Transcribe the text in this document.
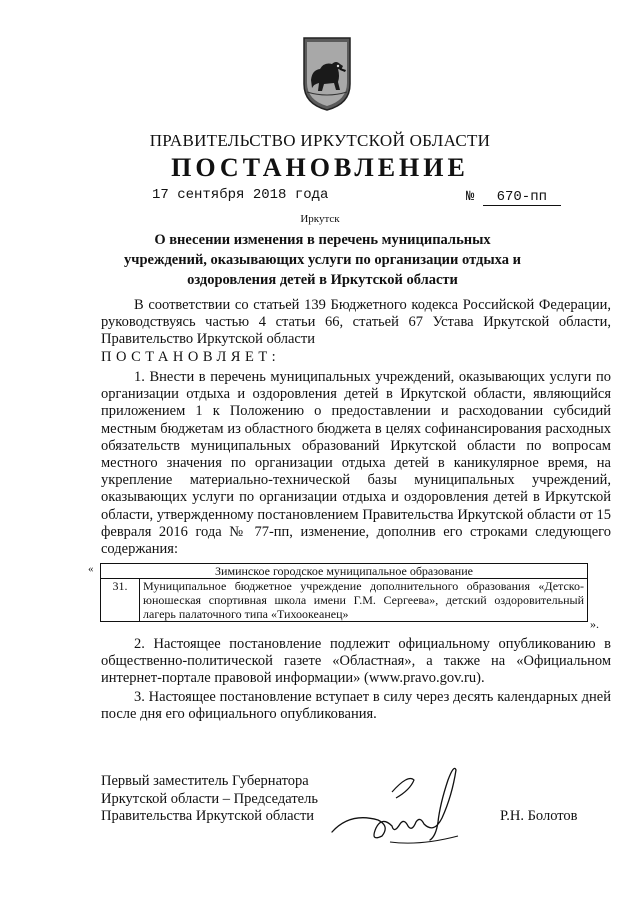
ПРАВИТЕЛЬСТВО ИРКУТСКОЙ ОБЛАСТИ
ПОСТАНОВЛЕНИЕ
17 сентября 2018 года	№ 670-пп
Иркутск
О внесении изменения в перечень муниципальных учреждений, оказывающих услуги по организации отдыха и оздоровления детей в Иркутской области
В соответствии со статьей 139 Бюджетного кодекса Российской Федерации, руководствуясь частью 4 статьи 66, статьей 67 Устава Иркутской области, Правительство Иркутской области
ПОСТАНОВЛЯЕТ:
1. Внести в перечень муниципальных учреждений, оказывающих услуги по организации отдыха и оздоровления детей в Иркутской области, являющийся приложением 1 к Положению о предоставлении и расходовании субсидий местным бюджетам из областного бюджета в целях софинансирования расходных обязательств муниципальных образований Иркутской области по вопросам местного значения по организации отдыха детей в каникулярное время, на укрепление материально-технической базы муниципальных учреждений, оказывающих услуги по организации отдыха и оздоровления детей в Иркутской области, утвержденному постановлением Правительства Иркутской области от 15 февраля 2016 года № 77-пп, изменение, дополнив его строками следующего содержания:
«	Зиминское городское муниципальное образование
31.	Муниципальное бюджетное учреждение дополнительного образования «Детско-юношеская спортивная школа имени Г.М. Сергеева», детский оздоровительный лагерь палаточного типа «Тихоокеанец»
».
2. Настоящее постановление подлежит официальному опубликованию в общественно-политической газете «Областная», а также на «Официальном интернет-портале правовой информации» (www.pravo.gov.ru).
3. Настоящее постановление вступает в силу через десять календарных дней после дня его официального опубликования.
Первый заместитель Губернатора
Иркутской области – Председатель
Правительства Иркутской области	Р.Н. Болотов
